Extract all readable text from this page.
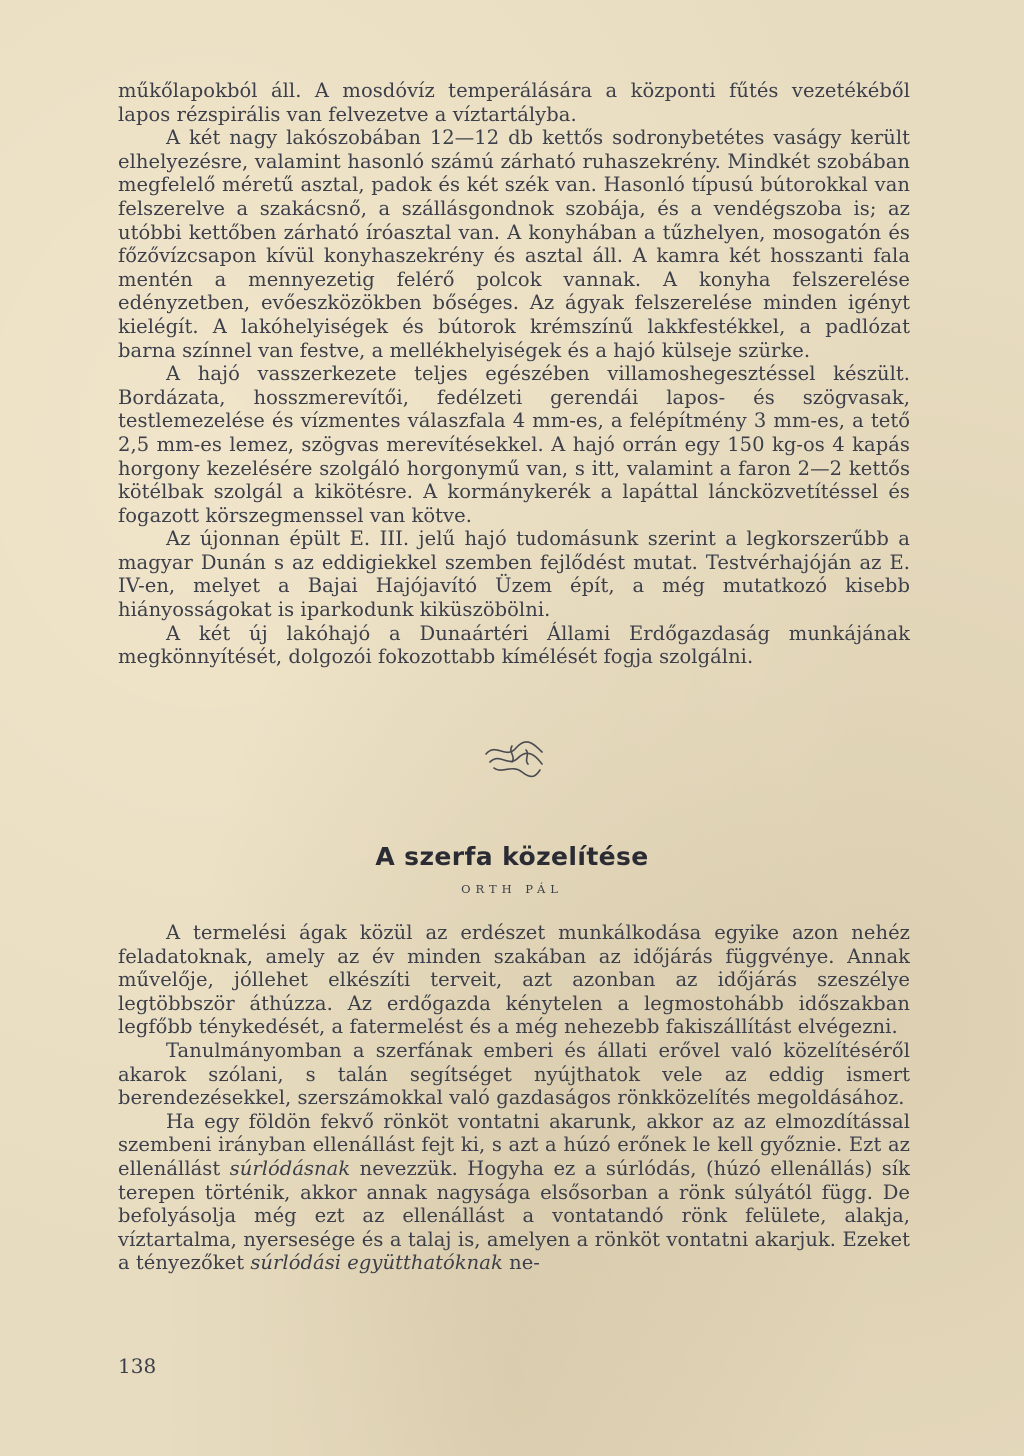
műkőlapokból áll. A mosdóvíz temperálására a központi fűtés vezetékéből lapos rézspirális van felvezetve a víztartályba.

A két nagy lakószobában 12—12 db kettős sodronybetétes vaságy került elhelyezésre, valamint hasonló számú zárható ruhaszekrény. Mindkét szobában megfelelő méretű asztal, padok és két szék van. Hasonló típusú bútorokkal van felszerelve a szakácsnő, a szállásgondnok szobája, és a vendégszoba is; az utóbbi kettőben zárható íróasztal van. A konyhában a tűzhelyen, mosogatón és főzővízcsapon kívül konyhaszekrény és asztal áll. A kamra két hosszanti fala mentén a mennyezetig felérő polcok vannak. A konyha felszerelése edényzetben, evőeszközökben bőséges. Az ágyak felszerelése minden igényt kielégít. A lakóhelyiségek és bútorok krémszínű lakkfestékkel, a padlózat barna színnel van festve, a mellékhelyiségek és a hajó külseje szürke.

A hajó vasszerkezete teljes egészében villamoshegesztéssel készült. Bordázata, hosszmerevítői, fedélzeti gerendái lapos- és szögvasak, testlemezelése és vízmentes válaszfala 4 mm-es, a felépítmény 3 mm-es, a tető 2,5 mm-es lemez, szögvas merevítésekkel. A hajó orrán egy 150 kg-os 4 kapás horgony kezelésére szolgáló horgonymű van, s itt, valamint a faron 2—2 kettős kötélbak szolgál a kikötésre. A kormánykerék a lapáttal láncközvetítéssel és fogazott körszegmenssel van kötve.

Az újonnan épült E. III. jelű hajó tudomásunk szerint a legkorszerűbb a magyar Dunán s az eddigiekkel szemben fejlődést mutat. Testvérhajóján az E. IV-en, melyet a Bajai Hajójavító Üzem épít, a még mutatkozó kisebb hiányosságokat is iparkodunk kiküszöbölni.

A két új lakóhajó a Dunaártéri Állami Erdőgazdaság munkájának megkönnyítését, dolgozói fokozottabb kímélését fogja szolgálni.

A szerfa közelítése
ORTH PÁL

A termelési ágak közül az erdészet munkálkodása egyike azon nehéz feladatoknak, amely az év minden szakában az időjárás függvénye. Annak művelője, jóllehet elkészíti terveit, azt azonban az időjárás szeszélye legtöbbször áthúzza. Az erdőgazda kénytelen a legmostohább időszakban legfőbb ténykedését, a fatermelést és a még nehezebb fakiszállítást elvégezni.

Tanulmányomban a szerfának emberi és állati erővel való közelítéséről akarok szólani, s talán segítséget nyújthatok vele az eddig ismert berendezésekkel, szerszámokkal való gazdaságos rönkközelítés megoldásához.

Ha egy földön fekvő rönköt vontatni akarunk, akkor az az elmozdítással szembeni irányban ellenállást fejt ki, s azt a húzó erőnek le kell győznie. Ezt az ellenállást súrlódásnak nevezzük. Hogyha ez a súrlódás, (húzó ellenállás) sík terepen történik, akkor annak nagysága elsősorban a rönk súlyától függ. De befolyásolja még ezt az ellenállást a vontatandó rönk felülete, alakja, víztartalma, nyersesége és a talaj is, amelyen a rönköt vontatni akarjuk. Ezeket a tényezőket súrlódási együtthatóknak ne-

138
